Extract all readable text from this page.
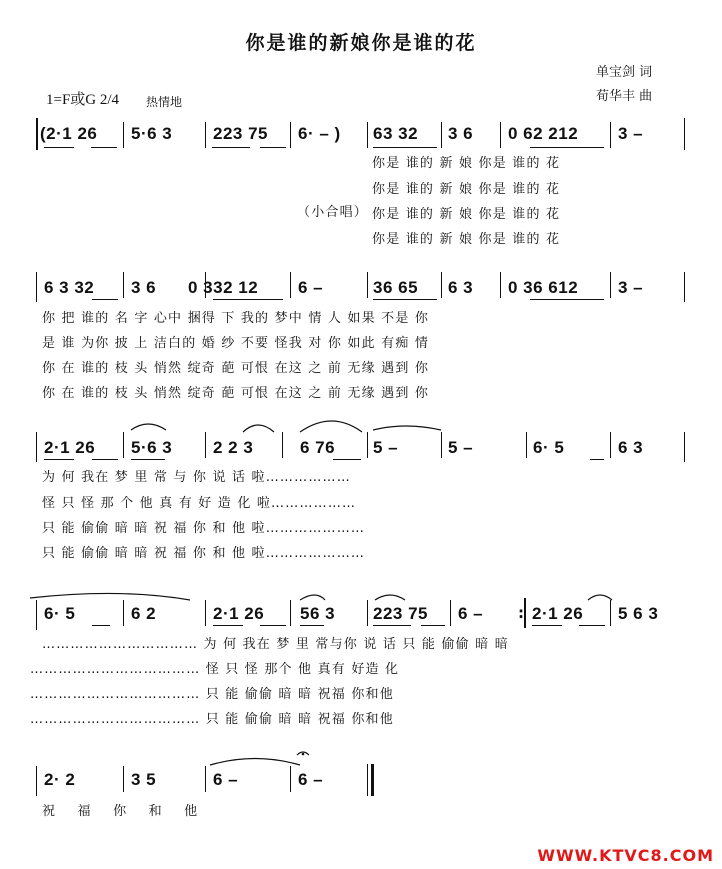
你是谁的新娘你是谁的花
单宝剑 词
荀华丰 曲
1=F或G 2/4 热情地
(2·1 26 5·6 3 223 75 6· – ) 63 32 3 6 0 62 212 3 –
（小合唱）
你是 谁的 新 娘 你是 谁的 花
你是 谁的 新 娘 你是 谁的 花
你是 谁的 新 娘 你是 谁的 花
你是 谁的 新 娘 你是 谁的 花
6 3 32 3 6 0 332 12 6 –	36 65 6 3 0 36 612 3 –
你 把 谁的 名 字 心中 捆得 下 我的 梦中 情 人 如果 不是 你
是 谁 为你 披 上 洁白的 婚 纱 不要 怪我 对 你 如此 有痴 情
你 在 谁的 枝 头 悄然 绽奇 葩 可恨 在这 之 前 无缘 遇到 你
你 在 谁的 枝 头 悄然 绽奇 葩 可恨 在这 之 前 无缘 遇到 你
2·1 26 5·6 3 2 2 3	6 76 5 –	5 –	6· 5	6 3
为 何 我在 梦 里 常 与 你 说 话 啦………………
怪 只 怪 那 个 他 真 有 好 造 化 啦………………
只 能 偷偷 暗 暗 祝 福 你 和 他 啦…………………
只 能 偷偷 暗 暗 祝 福 你 和 他 啦…………………
6· 5	6 2	2·1 26 56 3 223 75 6 – : 2·1 26 5 6 3
…………………………… 为 何 我在 梦 里 常与你 说 话 只 能 偷偷 暗 暗
……………………………… 怪 只 怪 那个 他 真有 好造 化
……………………………… 只 能 偷偷 暗 暗 祝福 你和他
……………………………… 只 能 偷偷 暗 暗 祝福 你和他
2· 2	3 5	6 –	6 –
祝 福 你 和 他
WWW.KTVC8.COM
